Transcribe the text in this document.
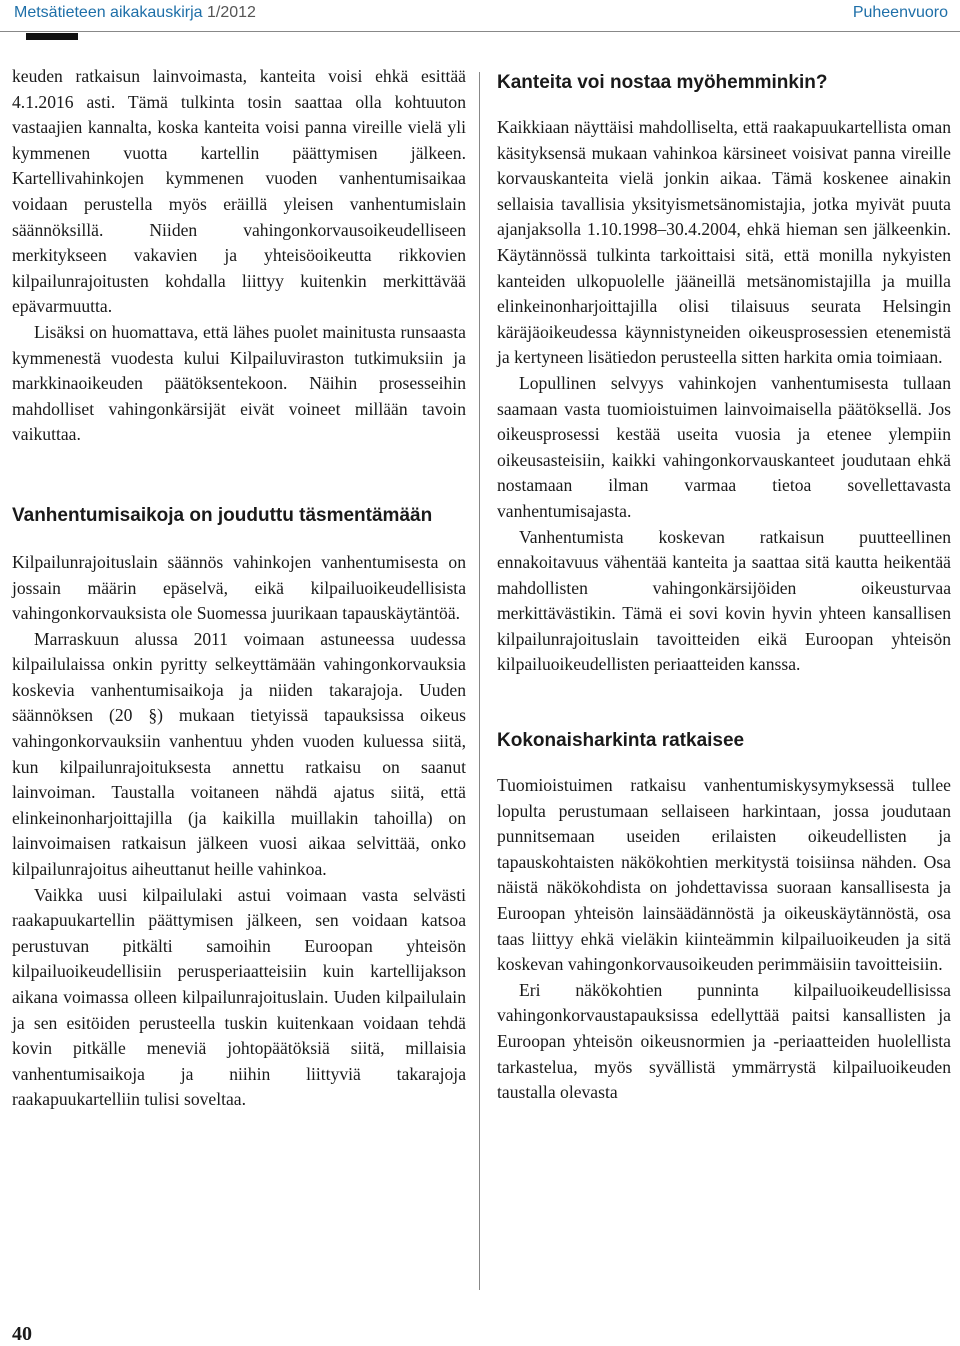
Metsätieteen aikakauskirja 1/2012	Puheenvuoro

keuden ratkaisun lainvoimasta, kanteita voisi ehkä esittää 4.1.2016 asti. Tämä tulkinta tosin saattaa olla kohtuuton vastaajien kannalta, koska kanteita voisi panna vireille vielä yli kymmenen vuotta kartellin päättymisen jälkeen. Kartellivahinkojen kymmenen vuoden vanhentumisaikaa voidaan perustella myös eräillä yleisen vanhentumislain säännöksillä. Niiden vahingonkorvausoikeudelliseen merkitykseen vakavien ja yhteisöoikeutta rikkovien kilpailunrajoitusten kohdalla liittyy kuitenkin merkittävää epävarmuutta.

Lisäksi on huomattava, että lähes puolet mainitusta runsaasta kymmenestä vuodesta kului Kilpailuviraston tutkimuksiin ja markkinaoikeuden päätöksentekoon. Näihin prosesseihin mahdolliset vahingonkärsijät eivät voineet millään tavoin vaikuttaa.

Vanhentumisaikoja on jouduttu täsmentämään

Kilpailunrajoituslain säännös vahinkojen vanhentumisesta on jossain määrin epäselvä, eikä kilpailuoikeudellisista vahingonkorvauksista ole Suomessa juurikaan tapauskäytäntöä.

Marraskuun alussa 2011 voimaan astuneessa uudessa kilpailulaissa onkin pyritty selkeyttämään vahingonkorvauksia koskevia vanhentumisaikoja ja niiden takarajoja. Uuden säännöksen (20 §) mukaan tietyissä tapauksissa oikeus vahingonkorvauksiin vanhentuu yhden vuoden kuluessa siitä, kun kilpailunrajoituksesta annettu ratkaisu on saanut lainvoiman. Taustalla voitaneen nähdä ajatus siitä, että elinkeinonharjoittajilla (ja kaikilla muillakin tahoilla) on lainvoimaisen ratkaisun jälkeen vuosi aikaa selvittää, onko kilpailunrajoitus aiheuttanut heille vahinkoa.

Vaikka uusi kilpailulaki astui voimaan vasta selvästi raakapuukartellin päättymisen jälkeen, sen voidaan katsoa perustuvan pitkälti samoihin Euroopan yhteisön kilpailuoikeudellisiin perusperiaatteisiin kuin kartellijakson aikana voimassa olleen kilpailunrajoituslain. Uuden kilpailulain ja sen esitöiden perusteella tuskin kuitenkaan voidaan tehdä kovin pitkälle meneviä johtopäätöksiä siitä, millaisia vanhentumisaikoja ja niihin liittyviä takarajoja raakapuukartelliin tulisi soveltaa.

Kanteita voi nostaa myöhemminkin?

Kaikkiaan näyttäisi mahdolliselta, että raakapuukartellista oman käsityksensä mukaan vahinkoa kärsineet voisivat panna vireille korvauskanteita vielä jonkin aikaa. Tämä koskenee ainakin sellaisia tavallisia yksityismetsänomistajia, jotka myivät puuta ajanjaksolla 1.10.1998–30.4.2004, ehkä hieman sen jälkeenkin. Käytännössä tulkinta tarkoittaisi sitä, että monilla nykyisten kanteiden ulkopuolelle jääneillä metsänomistajilla ja muilla elinkeinonharjoittajilla olisi tilaisuus seurata Helsingin käräjäoikeudessa käynnistyneiden oikeusprosessien etenemistä ja kertyneen lisätiedon perusteella sitten harkita omia toimiaan.

Lopullinen selvyys vahinkojen vanhentumisesta tullaan saamaan vasta tuomioistuimen lainvoimaisella päätöksellä. Jos oikeusprosessi kestää useita vuosia ja etenee ylempiin oikeusasteisiin, kaikki vahingonkorvauskanteet joudutaan ehkä nostamaan ilman varmaa tietoa sovellettavasta vanhentumisajasta.

Vanhentumista koskevan ratkaisun puutteellinen ennakoitavuus vähentää kanteita ja saattaa sitä kautta heikentää mahdollisten vahingonkärsijöiden oikeusturvaa merkittävästikin. Tämä ei sovi kovin hyvin yhteen kansallisen kilpailunrajoituslain tavoitteiden eikä Euroopan yhteisön kilpailuoikeudellisten periaatteiden kanssa.

Kokonaisharkinta ratkaisee

Tuomioistuimen ratkaisu vanhentumiskysymyksessä tullee lopulta perustumaan sellaiseen harkintaan, jossa joudutaan punnitsemaan useiden erilaisten oikeudellisten ja tapauskohtaisten näkökohtien merkitystä toisiinsa nähden. Osa näistä näkökohdista on johdettavissa suoraan kansallisesta ja Euroopan yhteisön lainsäädännöstä ja oikeuskäytännöstä, osa taas liittyy ehkä vieläkin kiinteämmin kilpailuoikeuden ja sitä koskevan vahingonkorvausoikeuden perimmäisiin tavoitteisiin.

Eri näkökohtien punninta kilpailuoikeudellisissa vahingonkorvaustapauksissa edellyttää paitsi kansallisten ja Euroopan yhteisön oikeusnormien ja -periaatteiden huolellista tarkastelua, myös syvällistä ymmärrystä kilpailuoikeuden taustalla olevasta

40
